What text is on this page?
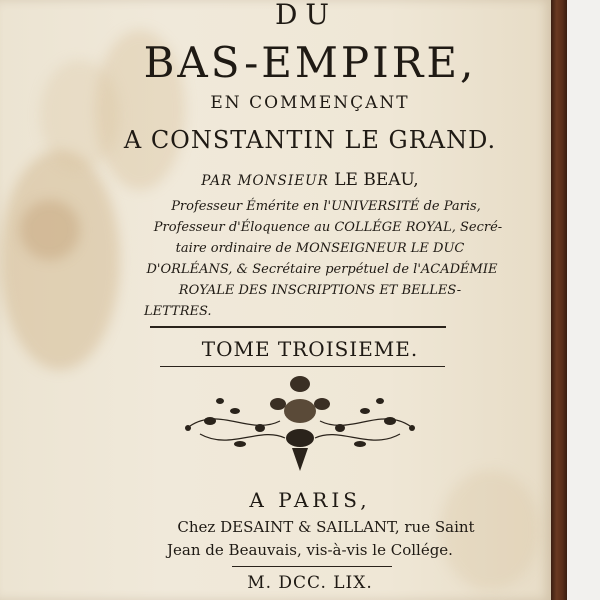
DU
BAS-EMPIRE,
EN COMMENÇANT
A CONSTANTIN LE GRAND.
PAR MONSIEUR LE BEAU,
Professeur Émérite en l'UNIVERSITÉ de Paris,
Professeur d'Éloquence au COLLÉGE ROYAL, Secré-
taire ordinaire de MONSEIGNEUR LE DUC
D'ORLÉANS, & Secrétaire perpétuel de l'ACADÉMIE
ROYALE DES INSCRIPTIONS ET BELLES-
LETTRES.
TOME TROISIEME.
A PARIS,
Chez DESAINT & SAILLANT, rue Saint
Jean de Beauvais, vis-à-vis le Collége.
M. DCC. LIX.
